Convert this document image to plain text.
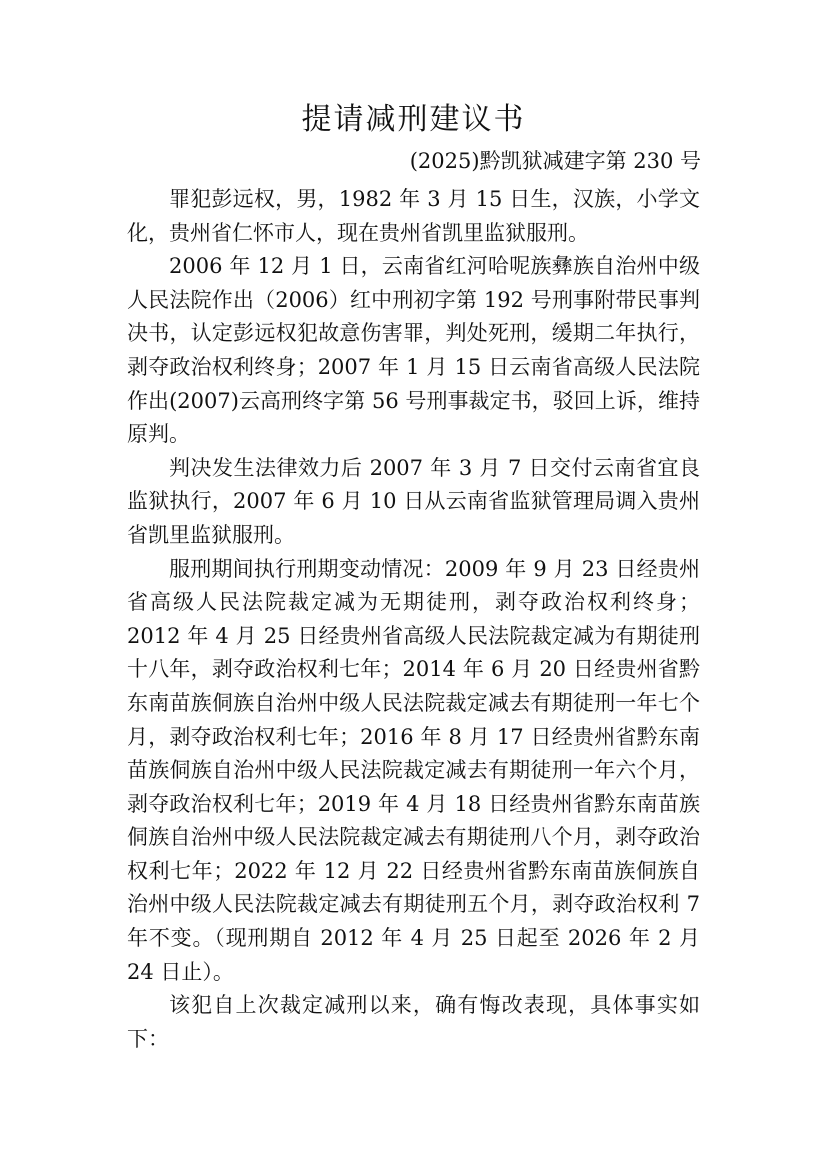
提请减刑建议书
(2025)黔凯狱减建字第 230 号

罪犯彭远权，男，1982 年 3 月 15 日生，汉族，小学文化，贵州省仁怀市人，现在贵州省凯里监狱服刑。

2006 年 12 月 1 日，云南省红河哈呢族彝族自治州中级人民法院作出（2006）红中刑初字第 192 号刑事附带民事判决书，认定彭远权犯故意伤害罪，判处死刑，缓期二年执行，剥夺政治权利终身；2007 年 1 月 15 日云南省高级人民法院作出(2007)云高刑终字第 56 号刑事裁定书，驳回上诉，维持原判。

判决发生法律效力后 2007 年 3 月 7 日交付云南省宜良监狱执行，2007 年 6 月 10 日从云南省监狱管理局调入贵州省凯里监狱服刑。

服刑期间执行刑期变动情况：2009 年 9 月 23 日经贵州省高级人民法院裁定减为无期徒刑，剥夺政治权利终身；2012 年 4 月 25 日经贵州省高级人民法院裁定减为有期徒刑十八年，剥夺政治权利七年；2014 年 6 月 20 日经贵州省黔东南苗族侗族自治州中级人民法院裁定减去有期徒刑一年七个月，剥夺政治权利七年；2016 年 8 月 17 日经贵州省黔东南苗族侗族自治州中级人民法院裁定减去有期徒刑一年六个月，剥夺政治权利七年；2019 年 4 月 18 日经贵州省黔东南苗族侗族自治州中级人民法院裁定减去有期徒刑八个月，剥夺政治权利七年；2022 年 12 月 22 日经贵州省黔东南苗族侗族自治州中级人民法院裁定减去有期徒刑五个月，剥夺政治权利 7 年不变。（现刑期自 2012 年 4 月 25 日起至 2026 年 2 月 24 日止）。

该犯自上次裁定减刑以来，确有悔改表现，具体事实如下：
